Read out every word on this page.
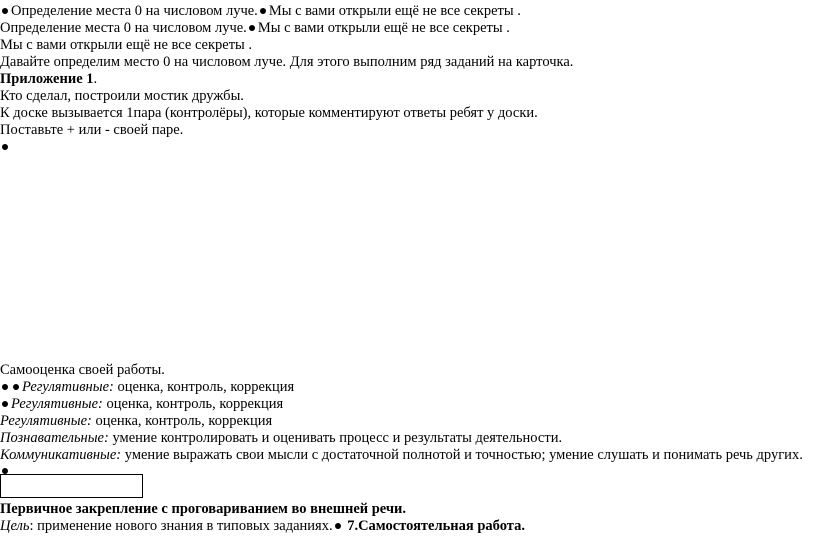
Определение места 0 на числовом луче. Мы с вами открыли ещё не все секреты .
Определение места 0 на числовом луче. Мы с вами открыли ещё не все секреты .
Мы с вами открыли ещё не все секреты .
Давайте определим место 0 на числовом луче. Для этого выполним ряд заданий на карточка.
Приложение 1.
Кто сделал, построили мостик дружбы.
К доске вызывается 1пара (контролёры), которые комментируют ответы ребят у доски.
Поставьте + или - своей паре.
Самооценка своей работы.
Регулятивные: оценка, контроль, коррекция
Регулятивные: оценка, контроль, коррекция
Регулятивные: оценка, контроль, коррекция
Познавательные: умение контролировать и оценивать процесс и результаты деятельности.
Коммуникативные: умение выражать свои мысли с достаточной полнотой и точностью; умение слушать и понимать речь других.
Первичное закрепление с проговариванием во внешней речи.
Цель: применение нового знания в типовых заданиях. 7.Самостоятельная работа.
